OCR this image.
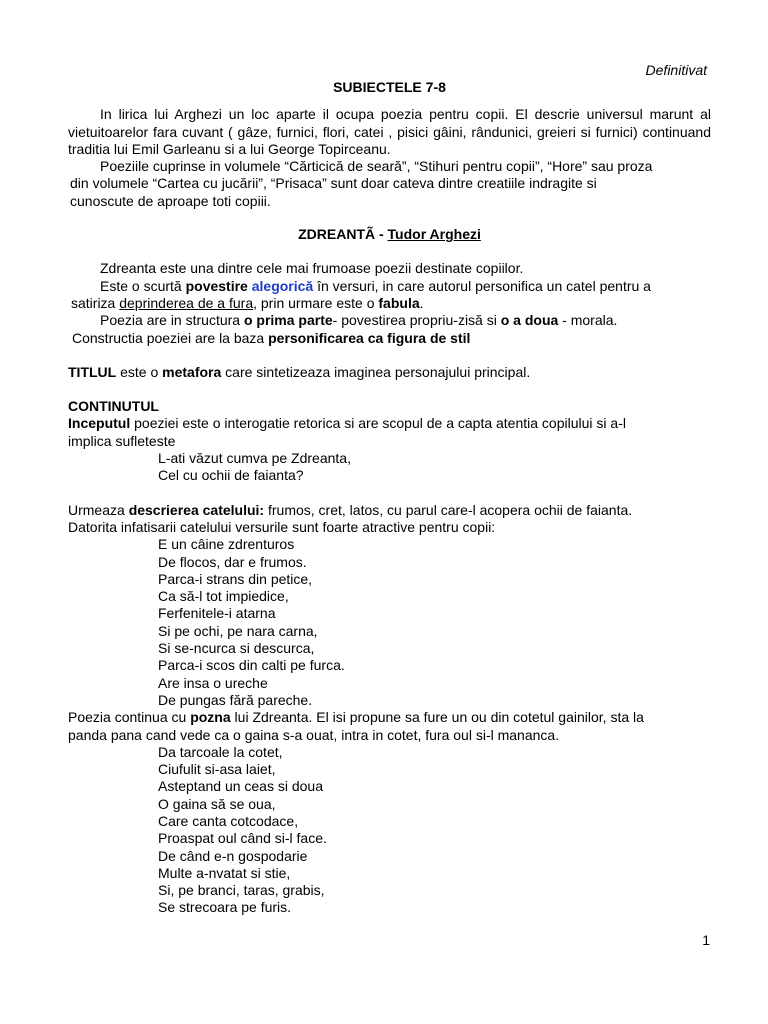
Definitivat
SUBIECTELE 7-8

In lirica lui Arghezi un loc aparte il ocupa poezia pentru copii. El descrie universul marunt al vietuitoarelor fara cuvant ( gâze, furnici, flori, catei , pisici gâini, rândunici, greieri si furnici) continuand traditia lui Emil Garleanu si a lui George Topirceanu.

Poeziile cuprinse in volumele “Cărticică de seară”, “Stihuri pentru copii”, “Hore” sau proza

din volumele “Cartea cu jucării”, “Prisaca” sunt doar cateva dintre creatiile indragite si

cunoscute de aproape toti copiii.

ZDREANTÃ - Tudor Arghezi

Zdreanta este una dintre cele mai frumoase poezii destinate copiilor.

Este o scurtă povestire alegorică în versuri, in care autorul personifica un catel pentru a

satiriza deprinderea de a fura, prin urmare este o fabula.

Poezia are in structura o prima parte- povestirea propriu-zisă si o a doua - morala.

Constructia poeziei are la baza personificarea ca figura de stil

TITLUL este o metafora care sintetizeaza imaginea personajului principal.

CONTINUTUL

Inceputul poeziei este o interogatie retorica si are scopul de a capta atentia copilului si a-l

implica sufleteste

L-ati văzut cumva pe Zdreanta,

Cel cu ochii de faianta?

Urmeaza descrierea catelului: frumos, cret, latos, cu parul care-l acopera ochii de faianta.

Datorita infatisarii catelului versurile sunt foarte atractive pentru copii:

E un câine zdrenturos

De flocos, dar e frumos.

Parca-i strans din petice,

Ca să-l tot impiedice,

Ferfenitele-i atarna

Si pe ochi, pe nara carna,

Si se-ncurca si descurca,

Parca-i scos din calti pe furca.

Are insa o ureche

De pungas fără pareche.

Poezia continua cu pozna lui Zdreanta. El isi propune sa fure un ou din cotetul gainilor, sta la

panda pana cand vede ca o gaina s-a ouat, intra in cotet, fura oul si-l mananca.

Da tarcoale la cotet,

Ciufulit si-asa laiet,

Asteptand un ceas si doua

O gaina să se oua,

Care canta cotcodace,

Proaspat oul când si-l face.

De când e-n gospodarie

Multe a-nvatat si stie,

Si, pe branci, taras, grabis,

Se strecoara pe furis.

1
